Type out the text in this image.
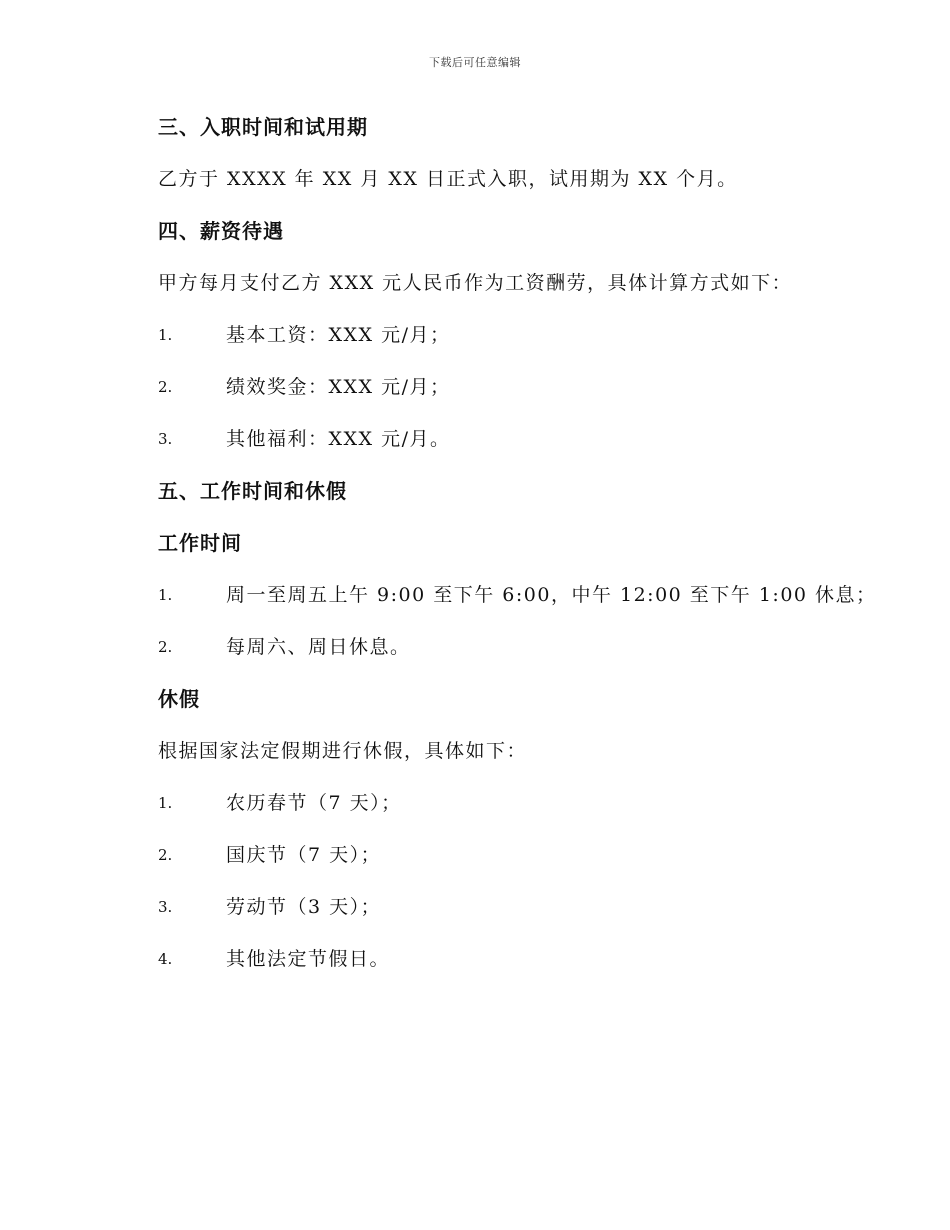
下载后可任意编辑
三、入职时间和试用期
乙方于 XXXX 年 XX 月 XX 日正式入职，试用期为 XX 个月。
四、薪资待遇
甲方每月支付乙方 XXX 元人民币作为工资酬劳，具体计算方式如下：
1.	基本工资：XXX 元/月；
2.	绩效奖金：XXX 元/月；
3.	其他福利：XXX 元/月。
五、工作时间和休假
工作时间
1.	周一至周五上午 9:00 至下午 6:00，中午 12:00 至下午 1:00 休息；
2.	每周六、周日休息。
休假
根据国家法定假期进行休假，具体如下：
1.	农历春节（7 天）；
2.	国庆节（7 天）；
3.	劳动节（3 天）；
4.	其他法定节假日。
